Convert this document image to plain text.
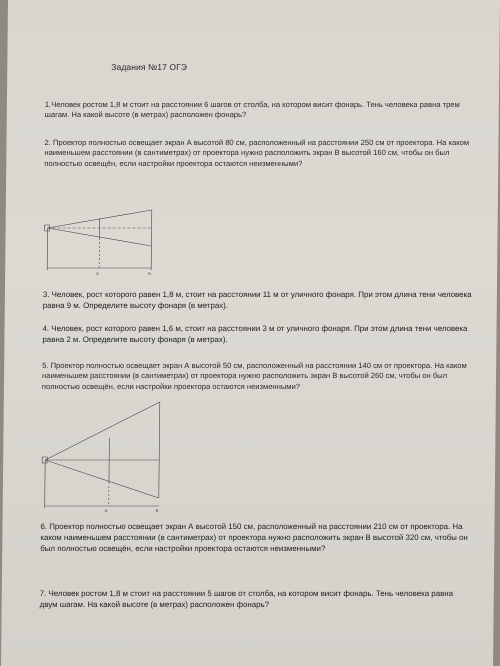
Задания №17 ОГЭ
1.Человек ростом 1,8 м стоит на расстоянии 6 шагов от столба, на котором висит фонарь. Тень человека равна трем шагам. На какой высоте (в метрах) расположен фонарь?
2. Проектор полностью освещает экран А высотой 80 см, расположенный на расстоянии 250 см от проектора. На каком наименьшем расстоянии (в сантиметрах) от проектора нужно расположить экран В высотой 160 см, чтобы он был полностью освещён, если настройки проектора остаются неизменными?
A	B
3. Человек, рост которого равен 1,8 м, стоит на расстоянии 11 м от уличного фонаря. При этом длина тени человека равна 9 м. Определите высоту фонаря (в метрах).
4. Человек, рост которого равен 1,6 м, стоит на расстоянии 3 м от уличного фонаря. При этом длина тени человека равна 2 м. Определите высоту фонаря (в метрах).
5. Проектор полностью освещает экран А высотой 50 см, расположенный на расстоянии 140 см от проектора. На каком наименьшем расстоянии (в сантиметрах) от проектора нужно расположить экран В высотой 260 см, чтобы он был полностью освещён, если настройки проектора остаются неизменными?
A	B
6. Проектор полностью освещает экран А высотой 150 см, расположенный на расстоянии 210 см от проектора. На каком наименьшем расстоянии (в сантиметрах) от проектора нужно расположить экран В высотой 320 см, чтобы он был полностью освещён, если настройки проектора остаются неизменными?
7. Человек ростом 1,8 м стоит на расстоянии 5 шагов от столба, на котором висит фонарь. Тень человека равна двум шагам. На какой высоте (в метрах) расположен фонарь?
